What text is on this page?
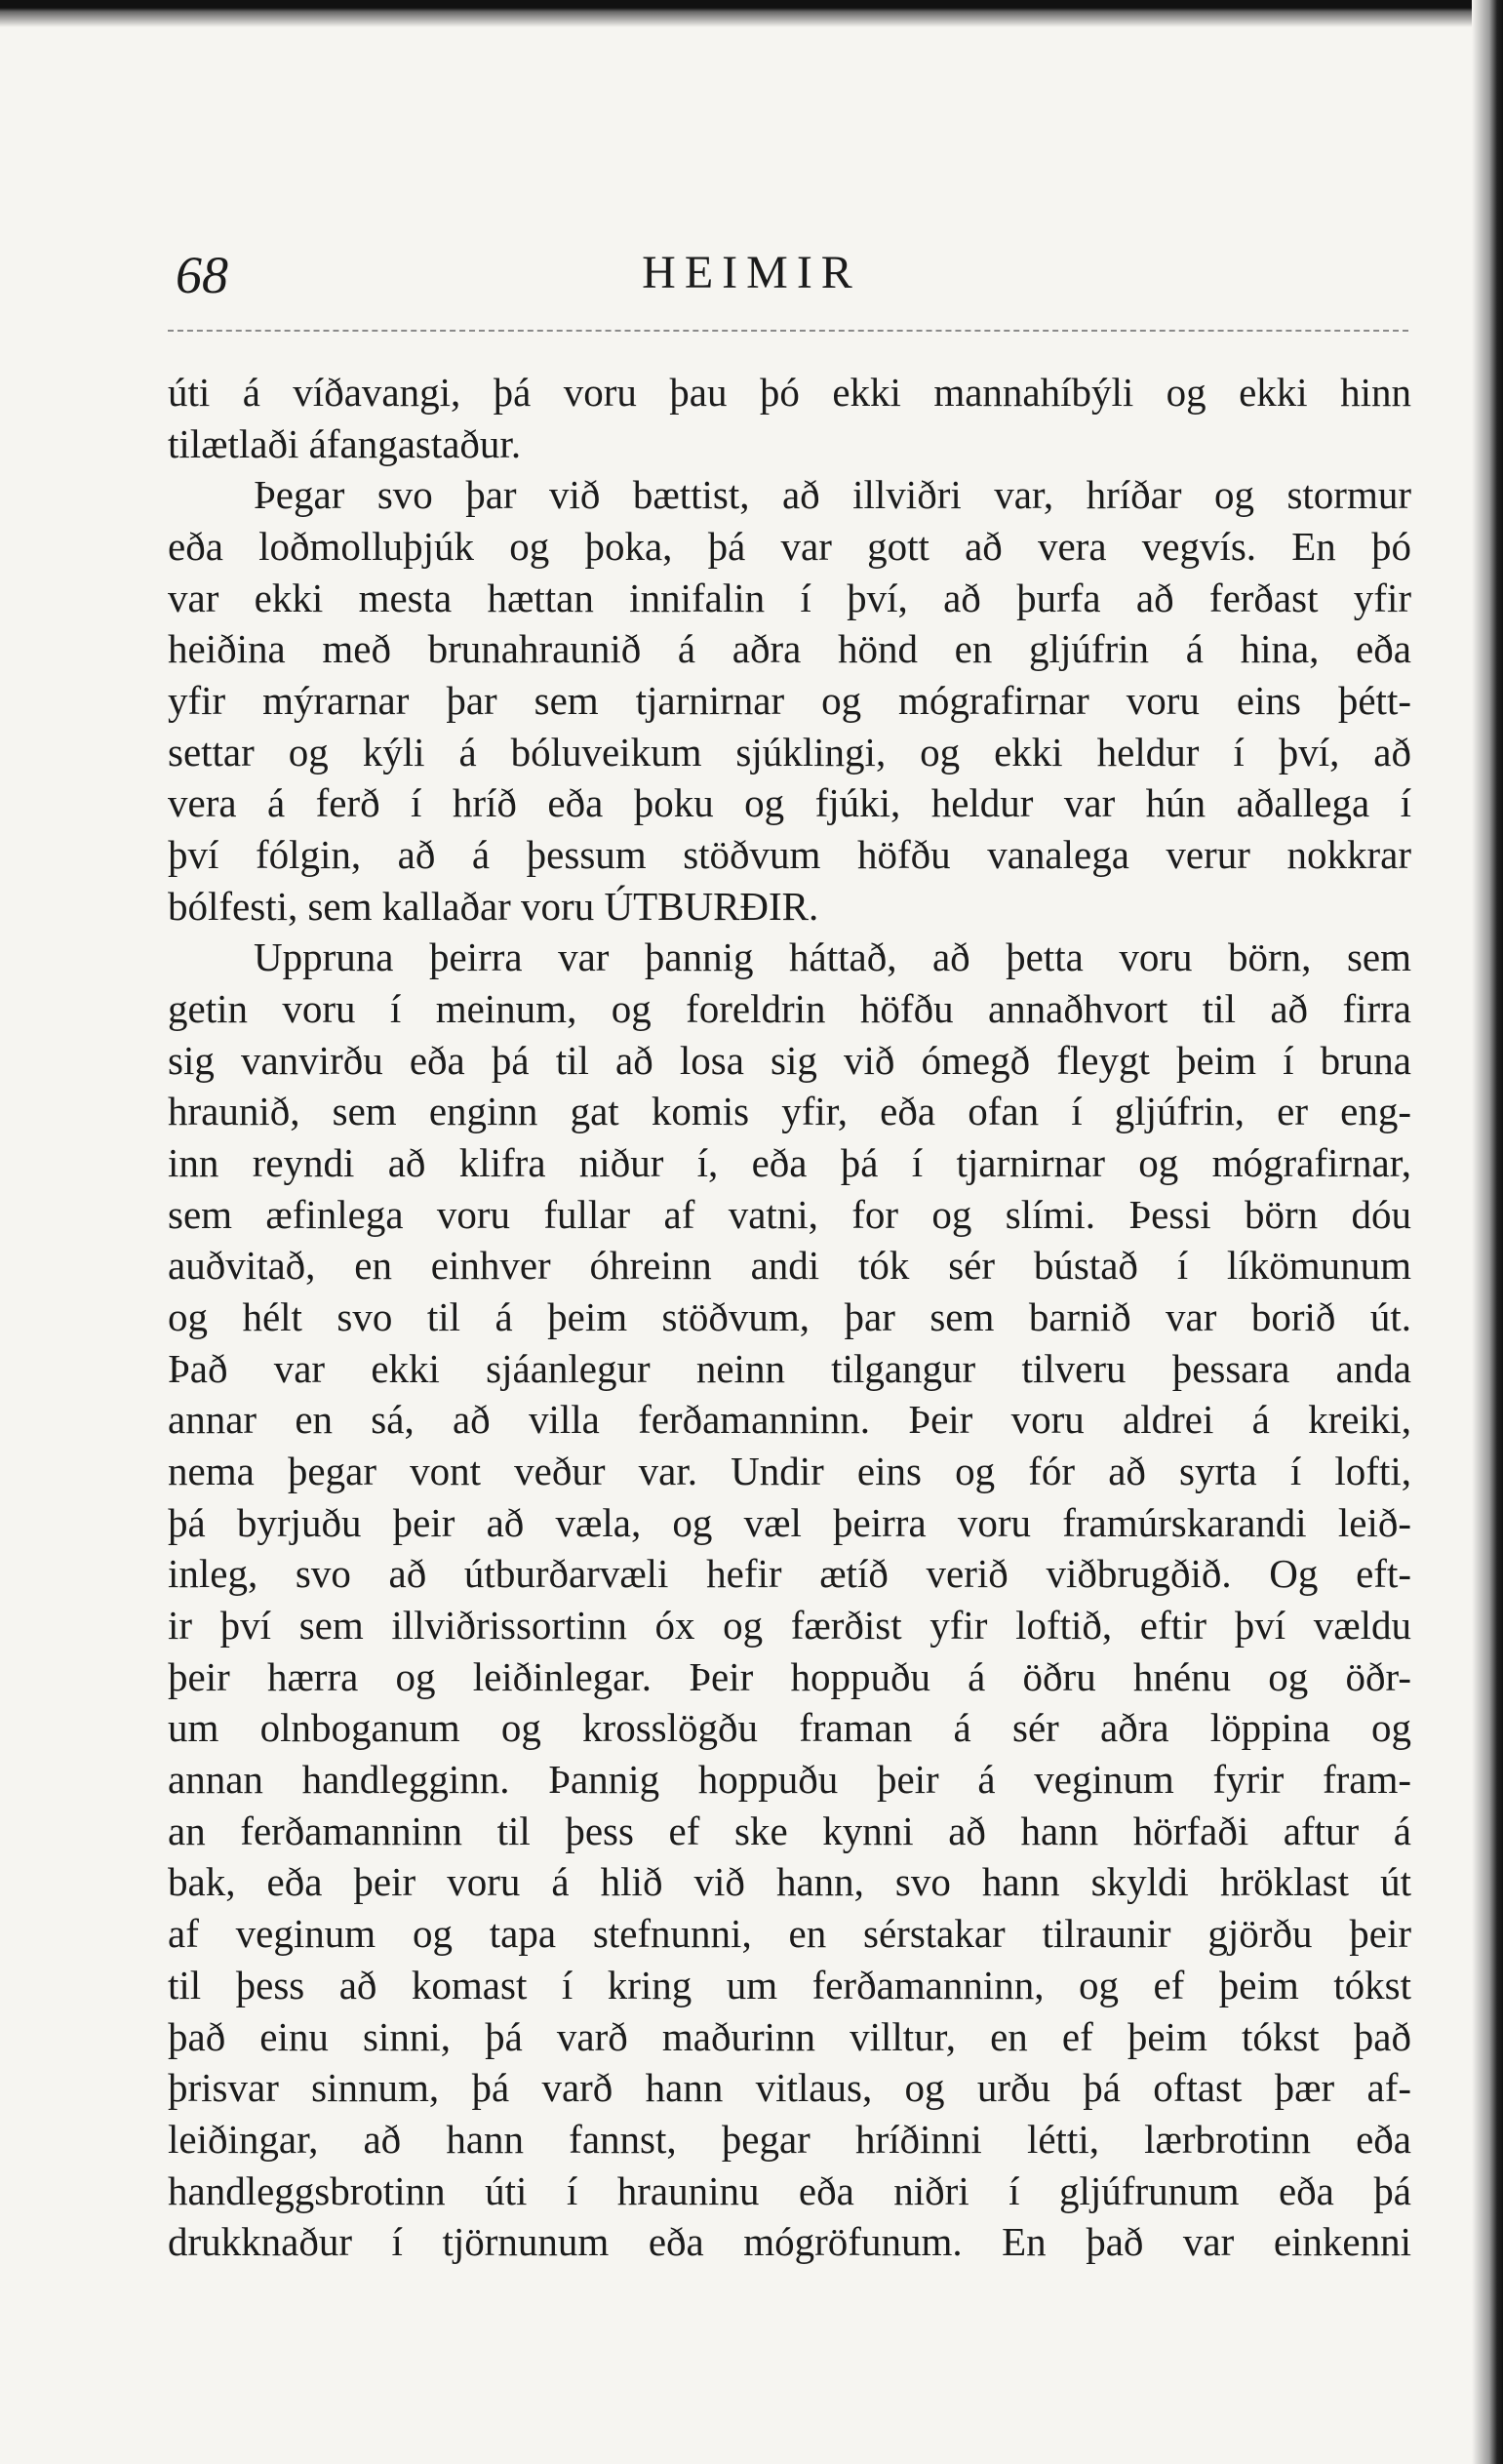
68	HEIMIR
úti á víðavangi, þá voru þau þó ekki mannahíbýli og ekki hinn
tilætlaði áfangastaður.
Þegar svo þar við bættist, að illviðri var, hríðar og stormur
eða loðmolluþjúk og þoka, þá var gott að vera vegvís. En þó
var ekki mesta hættan innifalin í því, að þurfa að ferðast yfir
heiðina með brunahraunið á aðra hönd en gljúfrin á hina, eða
yfir mýrarnar þar sem tjarnirnar og mógrafirnar voru eins þétt-
settar og kýli á bóluveikum sjúklingi, og ekki heldur í því, að
vera á ferð í hríð eða þoku og fjúki, heldur var hún aðallega í
því fólgin, að á þessum stöðvum höfðu vanalega verur nokkrar
bólfesti, sem kallaðar voru ÚTBURÐIR.
Uppruna þeirra var þannig háttað, að þetta voru börn, sem
getin voru í meinum, og foreldrin höfðu annaðhvort til að firra
sig vanvirðu eða þá til að losa sig við ómegð fleygt þeim í bruna
hraunið, sem enginn gat komis yfir, eða ofan í gljúfrin, er eng-
inn reyndi að klifra niður í, eða þá í tjarnirnar og mógrafirnar,
sem æfinlega voru fullar af vatni, for og slími. Þessi börn dóu
auðvitað, en einhver óhreinn andi tók sér bústað í líkömunum
og hélt svo til á þeim stöðvum, þar sem barnið var borið út.
Það var ekki sjáanlegur neinn tilgangur tilveru þessara anda
annar en sá, að villa ferðamanninn. Þeir voru aldrei á kreiki,
nema þegar vont veður var. Undir eins og fór að syrta í lofti,
þá byrjuðu þeir að væla, og væl þeirra voru framúrskarandi leið-
inleg, svo að útburðarvæli hefir ætíð verið viðbrugðið. Og eft-
ir því sem illviðrissortinn óx og færðist yfir loftið, eftir því vældu
þeir hærra og leiðinlegar. Þeir hoppuðu á öðru hnénu og öðr-
um olnboganum og krosslögðu framan á sér aðra löppina og
annan handlegginn. Þannig hoppuðu þeir á veginum fyrir fram-
an ferðamanninn til þess ef ske kynni að hann hörfaði aftur á
bak, eða þeir voru á hlið við hann, svo hann skyldi hröklast út
af veginum og tapa stefnunni, en sérstakar tilraunir gjörðu þeir
til þess að komast í kring um ferðamanninn, og ef þeim tókst
það einu sinni, þá varð maðurinn villtur, en ef þeim tókst það
þrisvar sinnum, þá varð hann vitlaus, og urðu þá oftast þær af-
leiðingar, að hann fannst, þegar hríðinni létti, lærbrotinn eða
handleggsbrotinn úti í hrauninu eða niðri í gljúfrunum eða þá
drukknaður í tjörnunum eða mógröfunum. En það var einkenni
